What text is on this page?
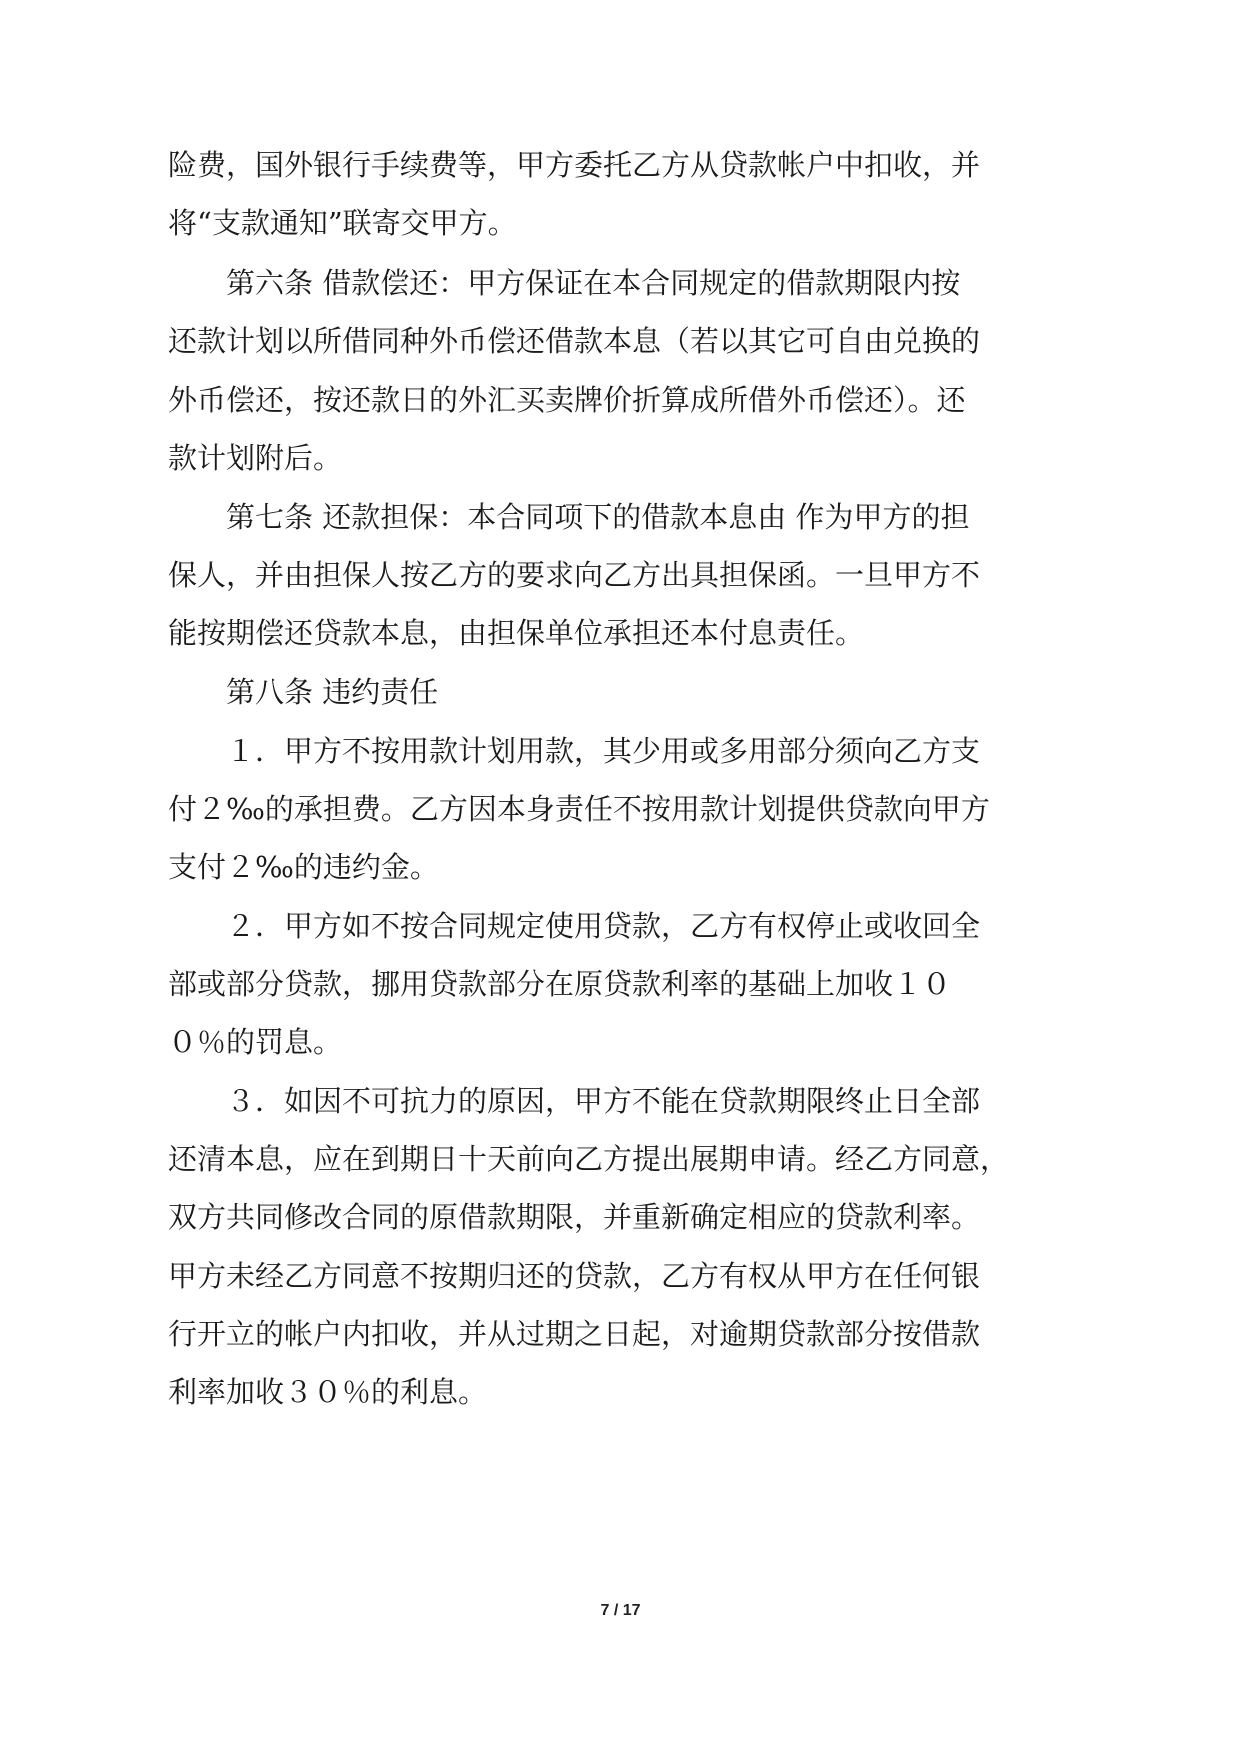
险费，国外银行手续费等，甲方委托乙方从贷款帐户中扣收，并
将“支款通知”联寄交甲方。
第六条 借款偿还：甲方保证在本合同规定的借款期限内按
还款计划以所借同种外币偿还借款本息（若以其它可自由兑换的
外币偿还，按还款日的外汇买卖牌价折算成所借外币偿还）。还
款计划附后。
第七条 还款担保：本合同项下的借款本息由 作为甲方的担
保人，并由担保人按乙方的要求向乙方出具担保函。一旦甲方不
能按期偿还贷款本息，由担保单位承担还本付息责任。
第八条 违约责任
１．甲方不按用款计划用款，其少用或多用部分须向乙方支
付２‰的承担费。乙方因本身责任不按用款计划提供贷款向甲方
支付２‰的违约金。
２．甲方如不按合同规定使用贷款，乙方有权停止或收回全
部或部分贷款，挪用贷款部分在原贷款利率的基础上加收１０
０％的罚息。
３．如因不可抗力的原因，甲方不能在贷款期限终止日全部
还清本息，应在到期日十天前向乙方提出展期申请。经乙方同意，
双方共同修改合同的原借款期限，并重新确定相应的贷款利率。
甲方未经乙方同意不按期归还的贷款，乙方有权从甲方在任何银
行开立的帐户内扣收，并从过期之日起，对逾期贷款部分按借款
利率加收３０％的利息。
7 / 17
